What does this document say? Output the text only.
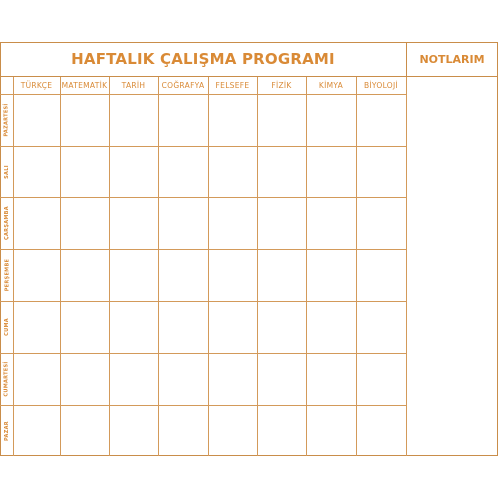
HAFTALIK ÇALIŞMA PROGRAMI	NOTLARIM
TÜRKÇE	MATEMATİK	TARİH	COĞRAFYA	FELSEFE	FİZİK	KİMYA	BİYOLOJİ
PAZARTESİ
SALI
ÇARŞAMBA
PERŞEMBE
CUMA
CUMARTESİ
PAZAR
